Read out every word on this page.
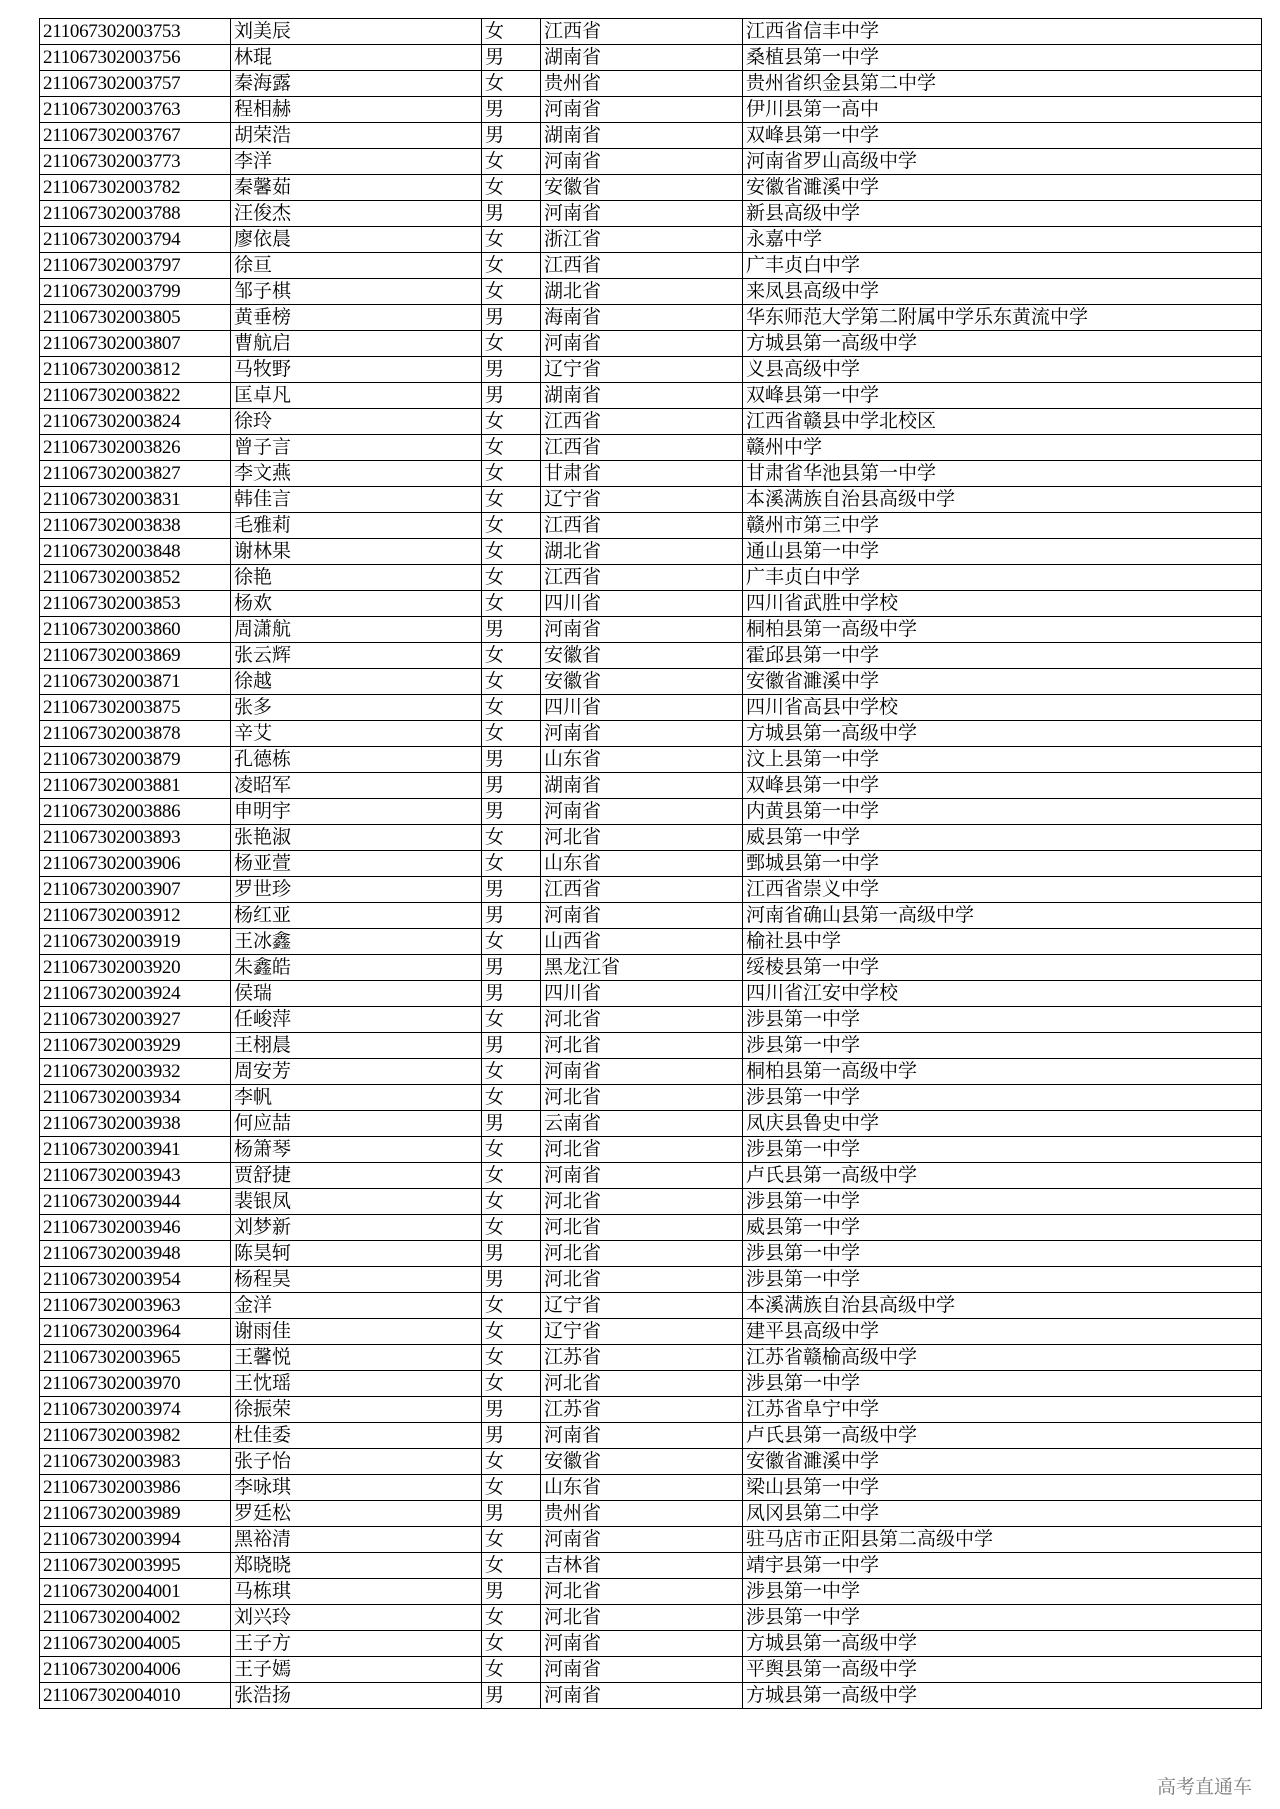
211067302003753	刘美辰	女	江西省	江西省信丰中学
211067302003756	林琨	男	湖南省	桑植县第一中学
211067302003757	秦海露	女	贵州省	贵州省织金县第二中学
211067302003763	程相赫	男	河南省	伊川县第一高中
211067302003767	胡荣浩	男	湖南省	双峰县第一中学
211067302003773	李洋	女	河南省	河南省罗山高级中学
211067302003782	秦馨茹	女	安徽省	安徽省濉溪中学
211067302003788	汪俊杰	男	河南省	新县高级中学
211067302003794	廖依晨	女	浙江省	永嘉中学
211067302003797	徐亘	女	江西省	广丰贞白中学
211067302003799	邹子棋	女	湖北省	来凤县高级中学
211067302003805	黄垂榜	男	海南省	华东师范大学第二附属中学乐东黄流中学
211067302003807	曹航启	女	河南省	方城县第一高级中学
211067302003812	马牧野	男	辽宁省	义县高级中学
211067302003822	匡卓凡	男	湖南省	双峰县第一中学
211067302003824	徐玲	女	江西省	江西省赣县中学北校区
211067302003826	曾子言	女	江西省	赣州中学
211067302003827	李文燕	女	甘肃省	甘肃省华池县第一中学
211067302003831	韩佳言	女	辽宁省	本溪满族自治县高级中学
211067302003838	毛雅莉	女	江西省	赣州市第三中学
211067302003848	谢林果	女	湖北省	通山县第一中学
211067302003852	徐艳	女	江西省	广丰贞白中学
211067302003853	杨欢	女	四川省	四川省武胜中学校
211067302003860	周潇航	男	河南省	桐柏县第一高级中学
211067302003869	张云辉	女	安徽省	霍邱县第一中学
211067302003871	徐越	女	安徽省	安徽省濉溪中学
211067302003875	张多	女	四川省	四川省高县中学校
211067302003878	辛艾	女	河南省	方城县第一高级中学
211067302003879	孔德栋	男	山东省	汶上县第一中学
211067302003881	凌昭军	男	湖南省	双峰县第一中学
211067302003886	申明宇	男	河南省	内黄县第一中学
211067302003893	张艳淑	女	河北省	威县第一中学
211067302003906	杨亚萱	女	山东省	鄄城县第一中学
211067302003907	罗世珍	男	江西省	江西省崇义中学
211067302003912	杨红亚	男	河南省	河南省确山县第一高级中学
211067302003919	王冰鑫	女	山西省	榆社县中学
211067302003920	朱鑫皓	男	黑龙江省	绥棱县第一中学
211067302003924	侯瑞	男	四川省	四川省江安中学校
211067302003927	任峻萍	女	河北省	涉县第一中学
211067302003929	王栩晨	男	河北省	涉县第一中学
211067302003932	周安芳	女	河南省	桐柏县第一高级中学
211067302003934	李帆	女	河北省	涉县第一中学
211067302003938	何应喆	男	云南省	凤庆县鲁史中学
211067302003941	杨箫琴	女	河北省	涉县第一中学
211067302003943	贾舒捷	女	河南省	卢氏县第一高级中学
211067302003944	裴银凤	女	河北省	涉县第一中学
211067302003946	刘梦新	女	河北省	威县第一中学
211067302003948	陈昊轲	男	河北省	涉县第一中学
211067302003954	杨程昊	男	河北省	涉县第一中学
211067302003963	金洋	女	辽宁省	本溪满族自治县高级中学
211067302003964	谢雨佳	女	辽宁省	建平县高级中学
211067302003965	王馨悦	女	江苏省	江苏省赣榆高级中学
211067302003970	王忱瑶	女	河北省	涉县第一中学
211067302003974	徐振荣	男	江苏省	江苏省阜宁中学
211067302003982	杜佳委	男	河南省	卢氏县第一高级中学
211067302003983	张子怡	女	安徽省	安徽省濉溪中学
211067302003986	李咏琪	女	山东省	梁山县第一中学
211067302003989	罗廷松	男	贵州省	凤冈县第二中学
211067302003994	黑裕清	女	河南省	驻马店市正阳县第二高级中学
211067302003995	郑晓晓	女	吉林省	靖宇县第一中学
211067302004001	马栋琪	男	河北省	涉县第一中学
211067302004002	刘兴玲	女	河北省	涉县第一中学
211067302004005	王子方	女	河南省	方城县第一高级中学
211067302004006	王子嫣	女	河南省	平舆县第一高级中学
211067302004010	张浩扬	男	河南省	方城县第一高级中学
高考直通车
